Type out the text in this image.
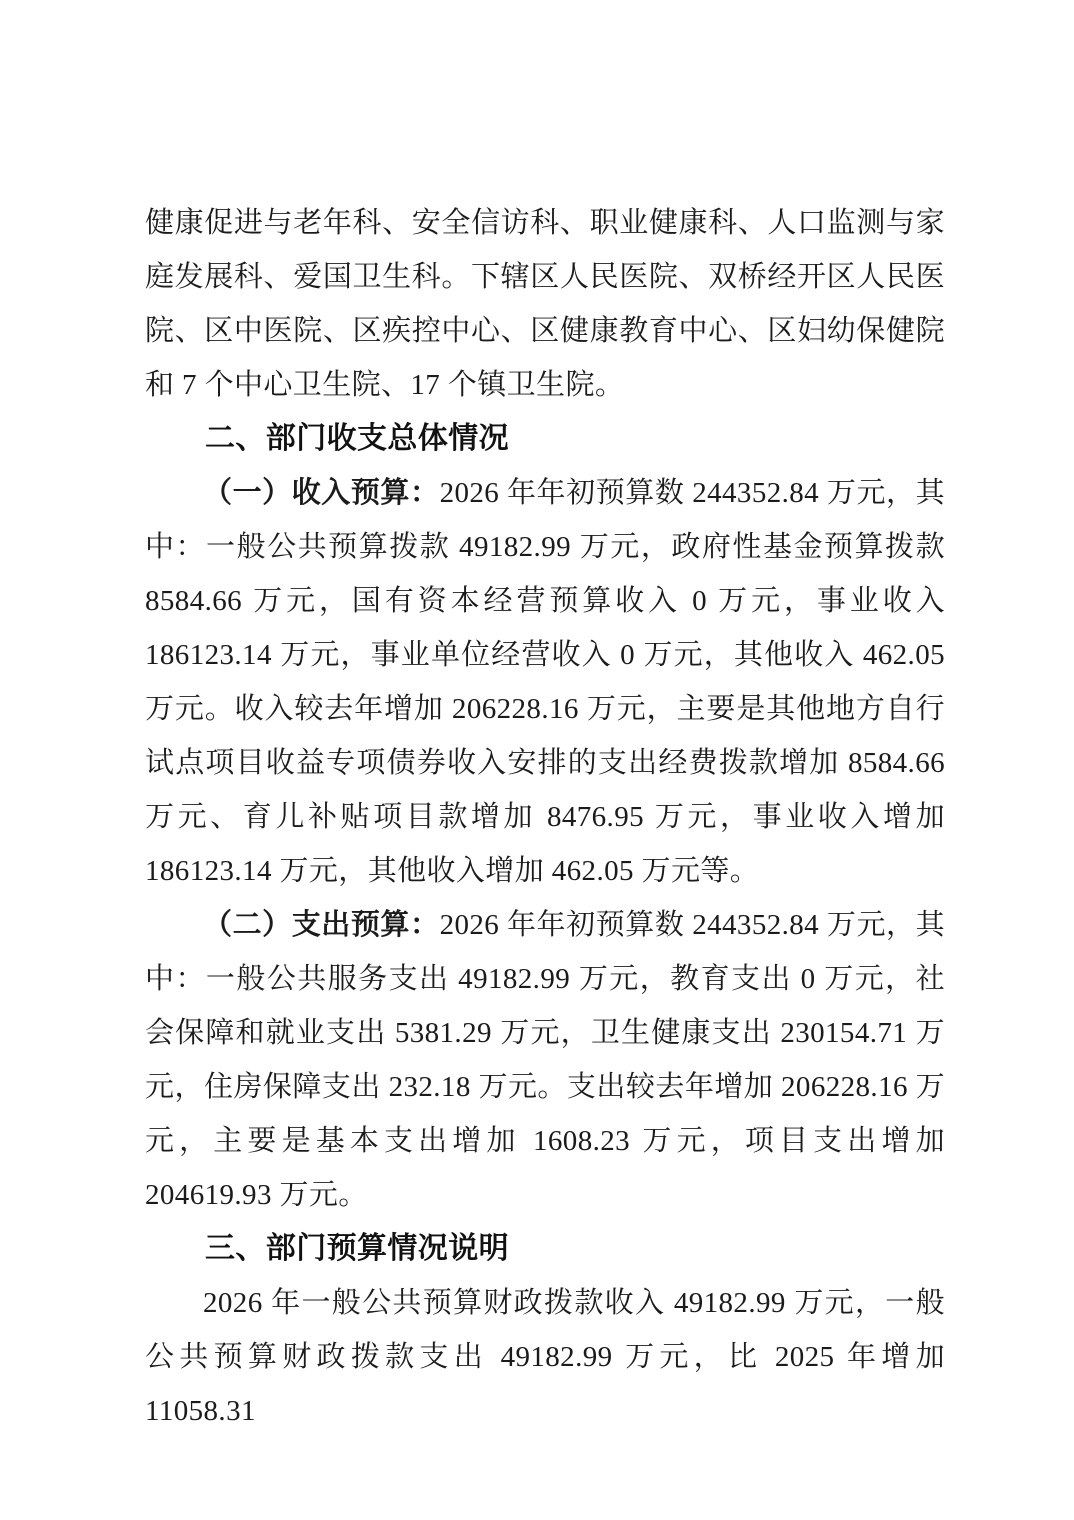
健康促进与老年科、安全信访科、职业健康科、人口监测与家庭发展科、爱国卫生科。下辖区人民医院、双桥经开区人民医院、区中医院、区疾控中心、区健康教育中心、区妇幼保健院和 7 个中心卫生院、17 个镇卫生院。

二、部门收支总体情况

（一）收入预算：2026 年年初预算数 244352.84 万元，其中：一般公共预算拨款 49182.99 万元，政府性基金预算拨款 8584.66 万元，国有资本经营预算收入 0 万元，事业收入 186123.14 万元，事业单位经营收入 0 万元，其他收入 462.05 万元。收入较去年增加 206228.16 万元，主要是其他地方自行试点项目收益专项债券收入安排的支出经费拨款增加 8584.66 万元、育儿补贴项目款增加 8476.95 万元，事业收入增加 186123.14 万元，其他收入增加 462.05 万元等。

（二）支出预算：2026 年年初预算数 244352.84 万元，其中：一般公共服务支出 49182.99 万元，教育支出 0 万元，社会保障和就业支出 5381.29 万元，卫生健康支出 230154.71 万元，住房保障支出 232.18 万元。支出较去年增加 206228.16 万元，主要是基本支出增加 1608.23 万元，项目支出增加 204619.93 万元。

三、部门预算情况说明

2026 年一般公共预算财政拨款收入 49182.99 万元，一般公共预算财政拨款支出 49182.99 万元，比 2025 年增加 11058.31
